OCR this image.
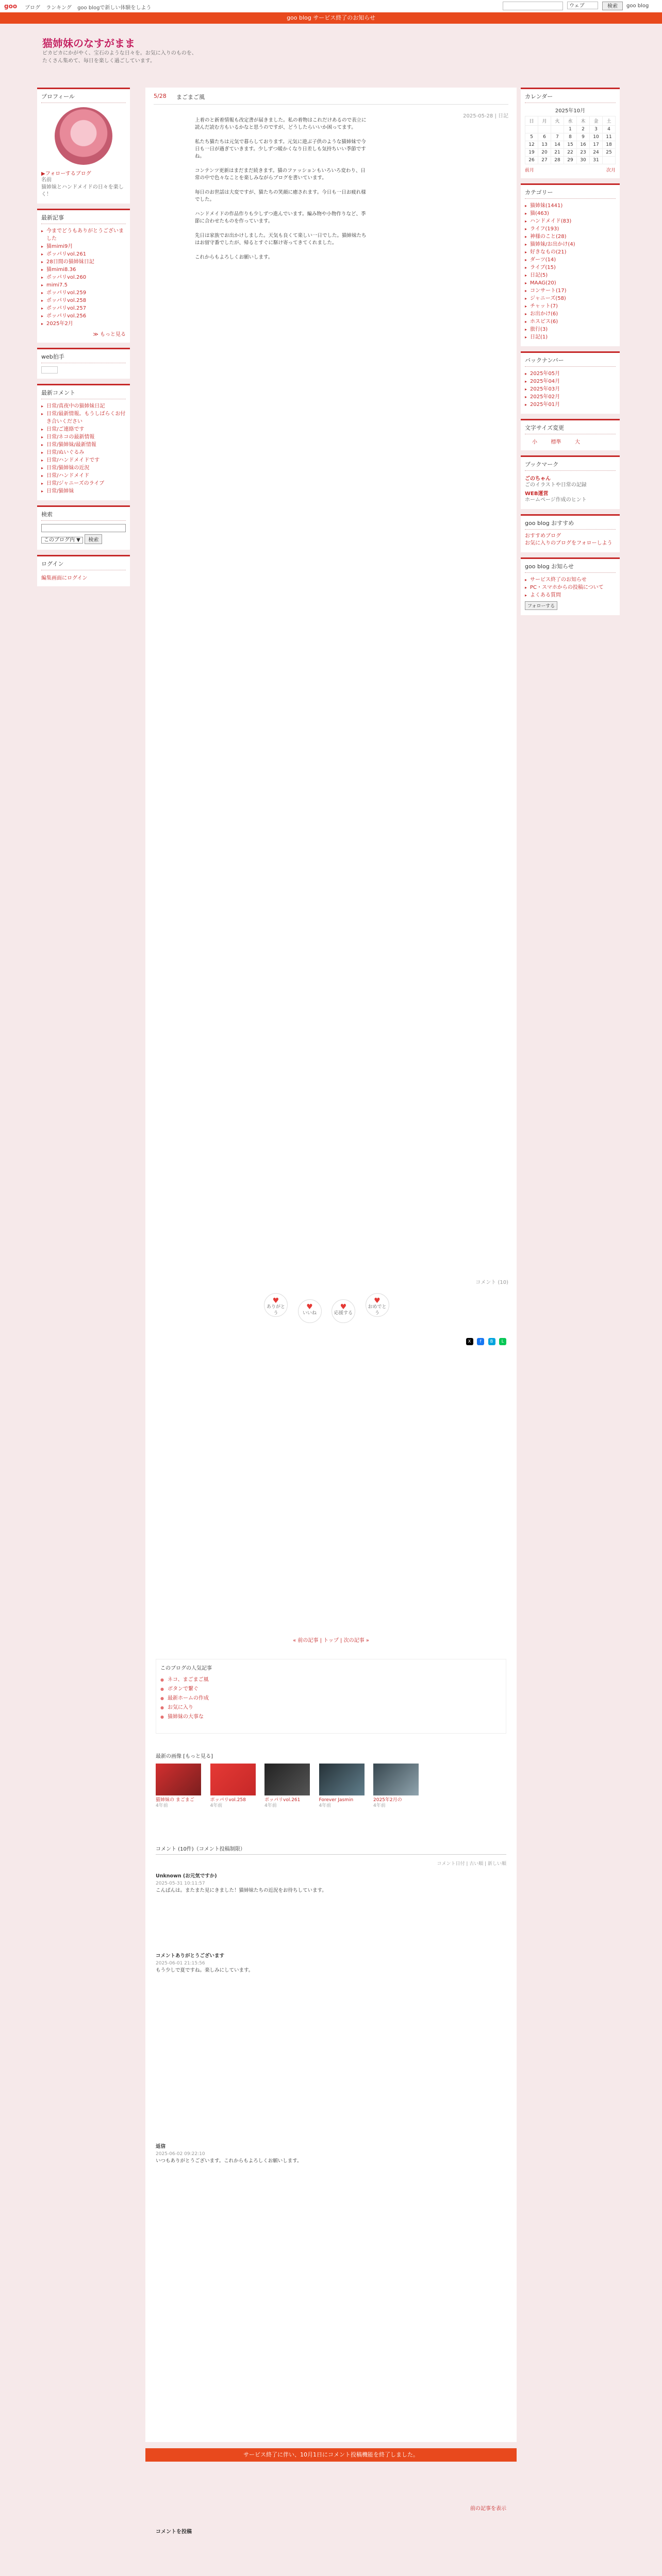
goo ブログ ランキング goo blogで新しい体験をしよう	ウェブ	検索	goo blog
goo blog サービス終了のお知らせ
猫姉妹のなすがまま
ピカピカにかがやく、宝石のような日々を。お気に入りのものを、たくさん集めて、毎日を楽しく過ごしています。
プロフィール
▶フォローするブログ
名前
猫姉妹とハンドメイドの日々を楽しく！
最新記事
▸ 今までどうもありがとうございました
▸ 猫mimi9月
▸ ポッパリvol.261
▸ 28日間の猫姉妹日記
▸ 猫mimi8.36
▸ ポッパリvol.260
▸ mimi7.5
▸ ポッパリvol.259
▸ ポッパリvol.258
▸ ポッパリvol.257
▸ ポッパリvol.256
▸ 2025年2月
≫ もっと見る
web拍手
最新コメント
▸ 日常/真夜中の猫姉妹日記
▸ 日常/最新情報。もうしばらくお付き合いください
▸ 日常/ご連絡です
▸ 日常/ネコの最新情報
▸ 日常/猫姉妹/最新情報
▸ 日常/ぬいぐるみ
▸ 日常/ハンドメイドです
▸ 日常/猫姉妹の近況
▸ 日常/ハンドメイド
▸ 日常/ジャニーズのライブ
▸ 日常/猫姉妹
検索
このブログ内 ▼ 検索
ログイン
編集画面にログイン
5/28 まごまご風
2025-05-28 | 日記

上着のと新着情報も改定書が届きました。私の着物はこれだけあるので表立に読んだ読む方もいるかなと思うのですが、どうしたらいいか困ってます。

私たち猫たちは元気で暮らしております。元気に遊ぶ子供のような猫姉妹で今日も一日が過ぎていきます。少しずつ暖かくなり日差しも気持ちいい季節ですね。

コンテンツ更新はまだまだ続きます。猫のファッションもいろいろ変わり、日常の中で色々なことを楽しみながらブログを書いています。

毎日のお世話は大変ですが、猫たちの笑顔に癒されます。今日も一日お疲れ様でした。

ハンドメイドの作品作りも少しずつ進んでいます。編み物や小物作りなど、季節に合わせたものを作っています。

先日は家族でお出かけしました。天気も良くて楽しい一日でした。猫姉妹たちはお留守番でしたが、帰るとすぐに駆け寄ってきてくれました。

これからもよろしくお願いします。

コメント (10)
♥
ありがとう
♥
いいね
♥
応援する
♥
おめでとう
X f B L
« 前の記事 | トップ | 次の記事 »
このブログの人気記事
● ネコ、まごまご風
● ボタンで繋ぐ
● 最新ホームの作成
● お気に入り
● 猫姉妹の大事な
最新の画像 [もっと見る]
猫姉妹の まごまご
4年前

ポッパリvol.258
4年前

ポッパリvol.261
4年前

Forever Jasmin
4年前

2025年2月の
4年前
コメント (10件)（コメント投稿制限）
コメント日付 | 古い順 | 新しい順
Unknown (お元気ですか)
2025-05-31 10:11:57
こんばんは。またまた見にきました！猫姉妹たちの近況をお待ちしています。
コメントありがとうございます
2025-06-01 21:15:56
もう少しで夏ですね。楽しみにしています。
返信
2025-06-02 09:22:10
いつもありがとうございます。これからもよろしくお願いします。
前の記事を表示
コメントを投稿
サービス終了に伴い、10月1日にコメント投稿機能を終了しました。
カレンダー
2025年10月
日	月	火	水	木	金	土
			1	2	3	4
5	6	7	8	9	10	11
12	13	14	15	16	17	18
19	20	21	22	23	24	25
26	27	28	29	30	31	
前月	次月
カテゴリー
▸ 猫姉妹(1441)
▸ 猫(463)
▸ ハンドメイド(83)
▸ ライフ(193)
▸ 神様のこと(28)
▸ 猫姉妹/お出かけ(4)
▸ 好きなもの(21)
▸ ダーツ(14)
▸ ライブ(15)
▸ 日記(5)
▸ MAAG(20)
▸ コンサート(17)
▸ ジャニーズ(58)
▸ チャット(7)
▸ お出かけ(6)
▸ ホスピス(6)
▸ 旅行(3)
▸ 日記(1)
バックナンバー
▸ 2025年05月
▸ 2025年04月
▸ 2025年03月
▸ 2025年02月
▸ 2025年01月
文字サイズ変更
小	標準	大
ブックマーク
ごのちゃん
ごのイラストや日常の記録
WEB運営
ホームページ作成のヒント
goo blog おすすめ
おすすめブログ
お気に入りのブログをフォローしよう
goo blog お知らせ
▸ サービス終了のお知らせ
▸ PC・スマホからの投稿について
▸ よくある質問
フォローする
